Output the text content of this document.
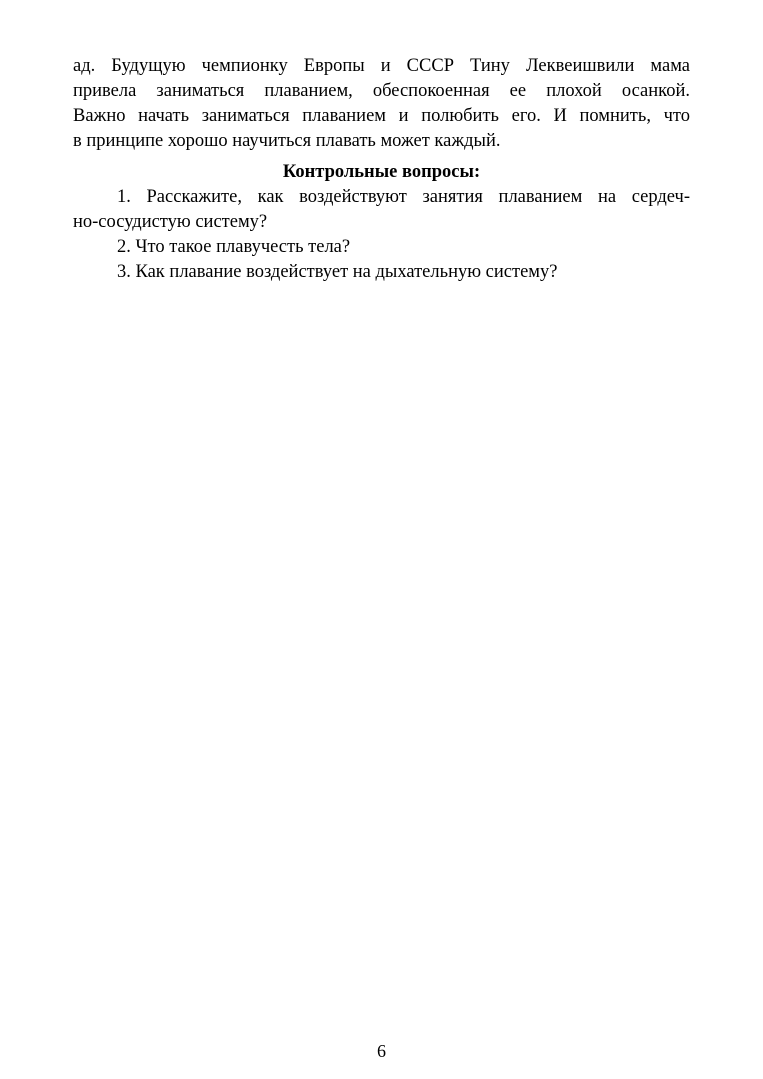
ад. Будущую чемпионку Европы и СССР Тину Леквеишвили мама
привела заниматься плаванием, обеспокоенная ее плохой осанкой.
Важно начать заниматься плаванием и полюбить его. И помнить, что
в принципе хорошо научиться плавать может каждый.
Контрольные вопросы:
1. Расскажите, как воздействуют занятия плаванием на сердеч-
но-сосудистую систему?
2. Что такое плавучесть тела?
3. Как плавание воздействует на дыхательную систему?
6
